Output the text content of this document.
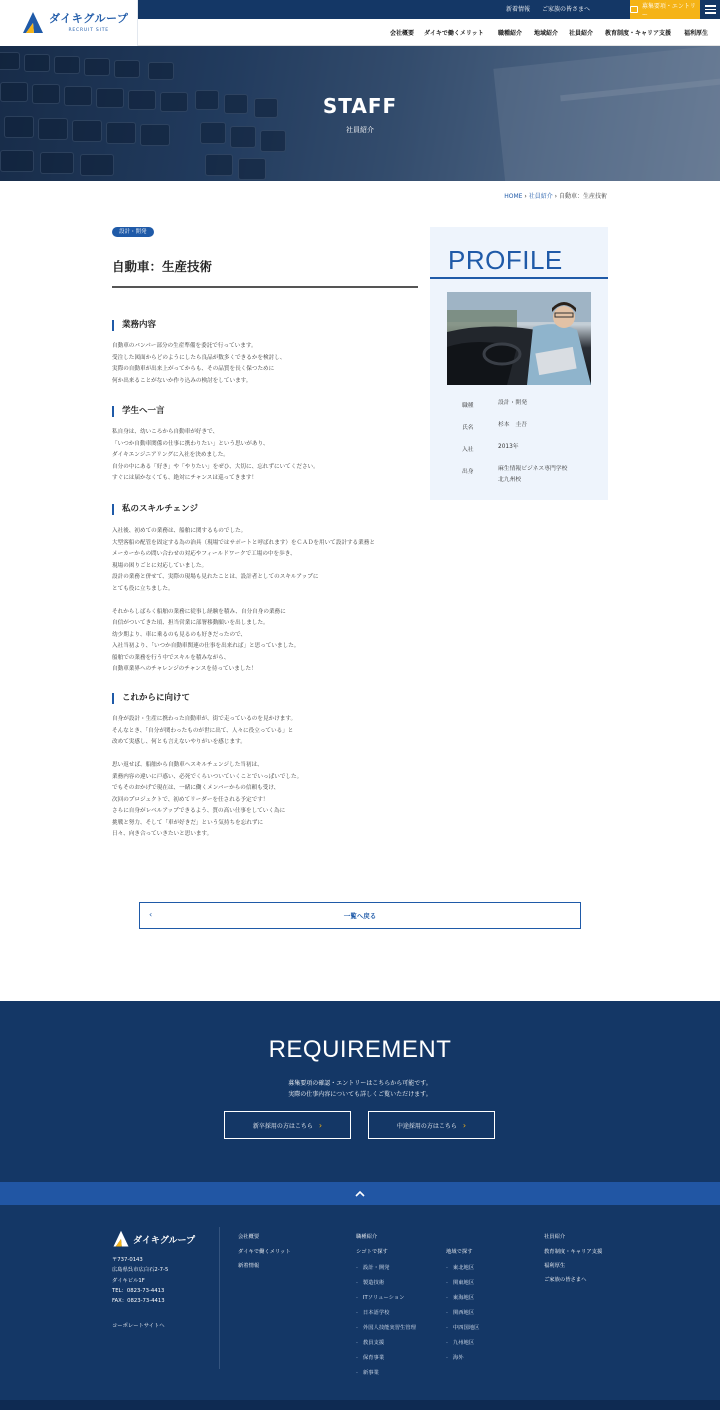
ダイキグループ
RECRUIT SITE
新着情報 ご家族の皆さまへ	募集要項・エントリー
会社概要 ダイキで働くメリット 職種紹介 地域紹介 社員紹介 教育制度・キャリア支援 福利厚生
STAFF
社員紹介
HOME › 社員紹介 › 自動車：生産技術
設計・開発
自動車：生産技術
業務内容

自動車のバンパー部分の生産準備を委託で行っています。

受注した図面からどのようにしたら良品が数多くできるかを検討し、

実際の自動車が出来上がってからも、その品質を長く保つために

何か出来ることがないか作り込みの検討をしています。

学生へ一言

私自身は、幼いころから自動車が好きで、

「いつか自動車関係の仕事に携わりたい」という思いがあり、

ダイキエンジニアリングに入社を決めました。

自分の中にある「好き」や「やりたい」をぜひ、大切に、忘れずにいてください。

すぐには届かなくても、絶対にチャンスは巡ってきます！

私のスキルチェンジ

入社後、初めての業務は、船舶に関するものでした。

大型客船の配管を固定する為の治具（現場ではサポートと呼ばれます）をＣＡＤを用いて設計する業務と

メーカーからの問い合わせの対応やフィールドワークで工場の中を歩き、

現場の困りごとに対応していました。

設計の業務と併せて、実際の現場も見れたことは、設計者としてのスキルアップに

とても役に立ちました。

それからしばらく船舶の業務に従事し経験を積み、自分自身の業務に

自信がついてきた頃、担当営業に部署移動願いを出しました。

幼少期より、車に乗るのも見るのも好きだったので、

入社当初より、「いつか自動車関連の仕事を出来れば」と思っていました。

船舶での業務を行う中でスキルを積みながら、

自動車業界へのチャレンジのチャンスを待っていました！

これからに向けて

自身が設計・生産に携わった自動車が、街で走っているのを見かけます。

そんなとき、「自分が関わったものが世に出て、人々に役立っている」と

改めて実感し、何とも言えないやりがいを感じます。

思い返せば、船舶から自動車へスキルチェンジした当初は、

業務内容の違いに戸惑い、必死でくらいついていくことでいっぱいでした。

でもそのおかげで現在は、一緒に働くメンバーからの信頼も受け、

次回のプロジェクトで、初めてリーダーを任される予定です！

さらに自身がレベルアップできるよう、質の高い仕事をしていく為に

挑戦と努力、そして「車が好きだ」という気持ちを忘れずに

日々、向き合っていきたいと思います。

PROFILE
職種	設計・開発
氏名	杉本　圭吾
入社	2013年
出身	麻生情報ビジネス専門学校
北九州校
‹	一覧へ戻る
REQUIREMENT
募集要項の確認・エントリーはこちらから可能です。
実際の仕事内容についても詳しくご覧いただけます。
新卒採用の方はこちら ›	中途採用の方はこちら ›
ダイキグループ

〒737-0143

広島県呉市広白石2-7-5

ダイキビル1F

TEL：0823-73-4413

FAX：0823-73-4413

コーポレートサイトへ
会社概要
ダイキで働くメリット
新着情報
職種紹介
シゴトで探す
- 設計・開発
- 製造技術
- ITソリューション
- 日本語学校
- 外国人技能実習生管理
- 教員支援
- 保育事業
- 新事業
地域で探す
- 東北地区
- 関東地区
- 東海地区
- 関西地区
- 中四国地区
- 九州地区
- 海外
社員紹介
教育制度・キャリア支援
福利厚生
ご家族の皆さまへ
